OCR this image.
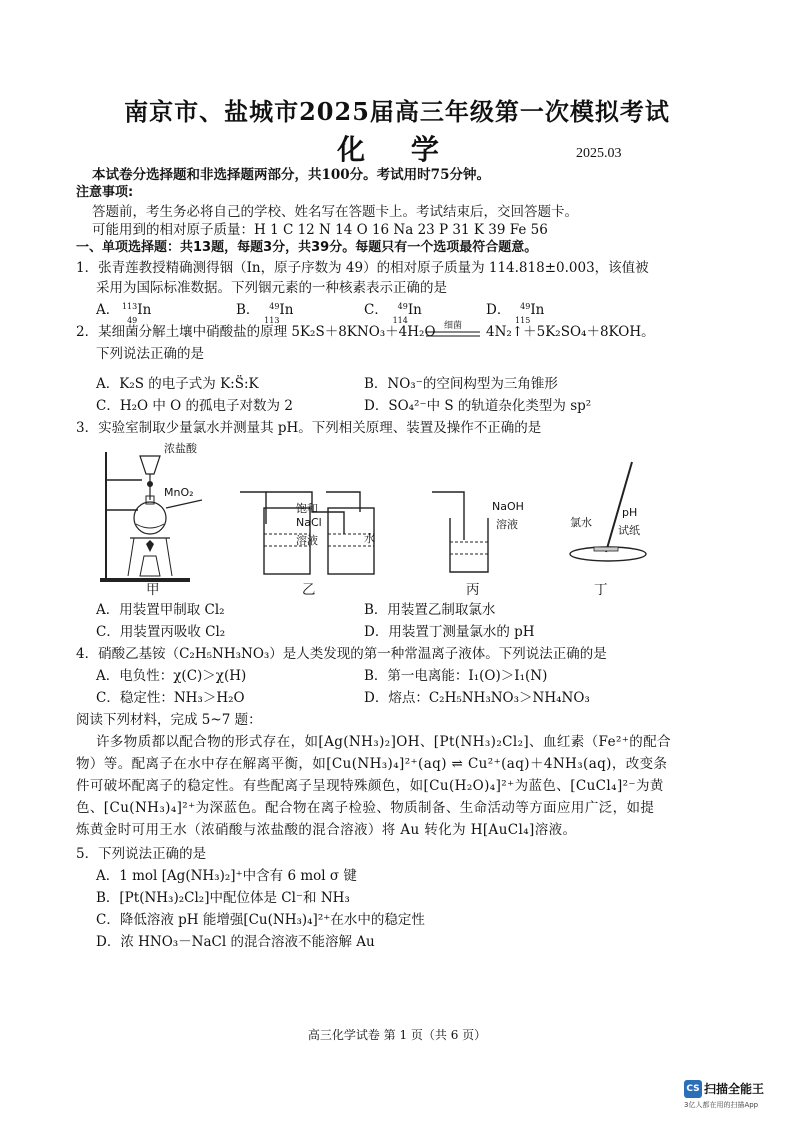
南京市、盐城市2025届高三年级第一次模拟考试
化 学	2025.03
本试卷分选择题和非选择题两部分，共100分。考试用时75分钟。
注意事项:
答题前，考生务必将自己的学校、姓名写在答题卡上。考试结束后，交回答题卡。
可能用到的相对原子质量：H 1 C 12 N 14 O 16 Na 23 P 31 K 39 Fe 56
一、单项选择题：共13题，每题3分，共39分。每题只有一个选项最符合题意。
1．张青莲教授精确测得铟（In，原子序数为 49）的相对原子质量为 114.818±0.003，该值被
采用为国际标准数据。下列铟元素的一种核素表示正确的是
A． 113
49
In	B． 49
113
In	C． 49
114
In	D． 49
115
In
2．某细菌分解土壤中硝酸盐的原理 5K₂S＋8KNO₃＋4H₂O 细菌	4N₂↑＋5K₂SO₄＋8KOH。
下列说法正确的是
A．K₂S 的电子式为 K:S̈:K	B．NO₃⁻的空间构型为三角锥形
C．H₂O 中 O 的孤电子对数为 2	D．SO₄²⁻中 S 的轨道杂化类型为 sp²
3．实验室制取少量氯水并测量其 pH。下列相关原理、装置及操作不正确的是
浓盐酸
MnO₂
饱和
NaCl
溶液	水
NaOH
溶液	氯水
pH
试纸
甲	乙	丙	丁
A．用装置甲制取 Cl₂	B．用装置乙制取氯水
C．用装置丙吸收 Cl₂	D．用装置丁测量氯水的 pH
4．硝酸乙基铵（C₂H₅NH₃NO₃）是人类发现的第一种常温离子液体。下列说法正确的是
A．电负性：χ(C)＞χ(H)	B．第一电离能：I₁(O)＞I₁(N)
C．稳定性：NH₃＞H₂O	D．熔点：C₂H₅NH₃NO₃＞NH₄NO₃
阅读下列材料，完成 5~7 题：
许多物质都以配合物的形式存在，如[Ag(NH₃)₂]OH、[Pt(NH₃)₂Cl₂]、血红素（Fe²⁺的配合
物）等。配离子在水中存在解离平衡，如[Cu(NH₃)₄]²⁺(aq) ⇌ Cu²⁺(aq)＋4NH₃(aq)，改变条
件可破坏配离子的稳定性。有些配离子呈现特殊颜色，如[Cu(H₂O)₄]²⁺为蓝色、[CuCl₄]²⁻为黄
色、[Cu(NH₃)₄]²⁺为深蓝色。配合物在离子检验、物质制备、生命活动等方面应用广泛，如提
炼黄金时可用王水（浓硝酸与浓盐酸的混合溶液）将 Au 转化为 H[AuCl₄]溶液。
5．下列说法正确的是
A．1 mol [Ag(NH₃)₂]⁺中含有 6 mol σ 键
B．[Pt(NH₃)₂Cl₂]中配位体是 Cl⁻和 NH₃
C．降低溶液 pH 能增强[Cu(NH₃)₄]²⁺在水中的稳定性
D．浓 HNO₃－NaCl 的混合溶液不能溶解 Au
高三化学试卷 第 1 页（共 6 页）
CS 扫描全能王
3亿人都在用的扫描App
